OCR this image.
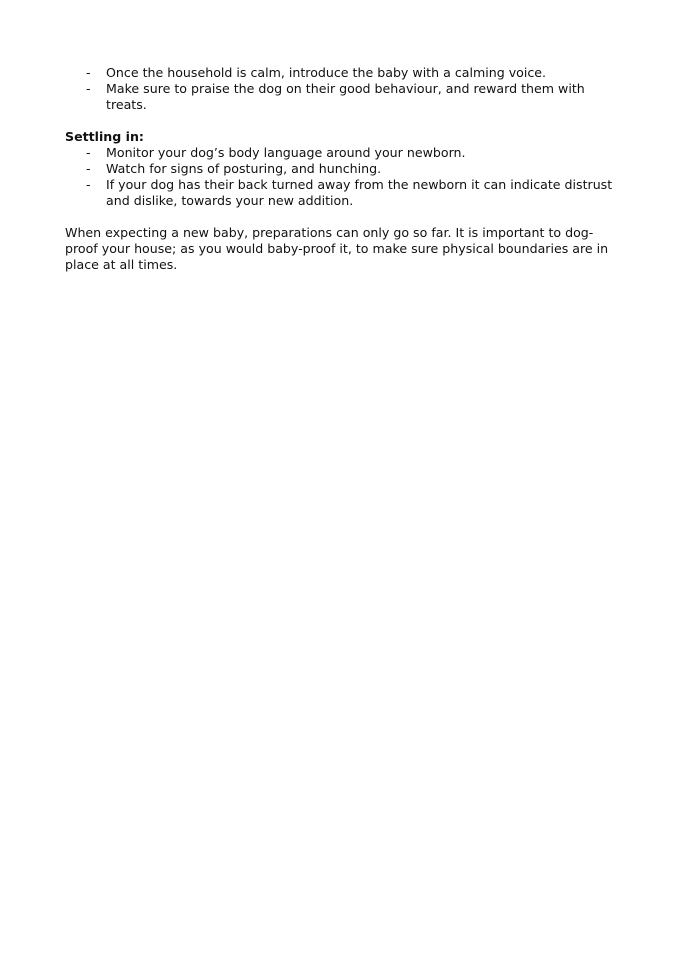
- Once the household is calm, introduce the baby with a calming voice.
- Make sure to praise the dog on their good behaviour, and reward them with treats.
Settling in:
- Monitor your dog’s body language around your newborn.
- Watch for signs of posturing, and hunching.
- If your dog has their back turned away from the newborn it can indicate distrust and dislike, towards your new addition.

When expecting a new baby, preparations can only go so far. It is important to dog-proof your house; as you would baby-proof it, to make sure physical boundaries are in place at all times.
